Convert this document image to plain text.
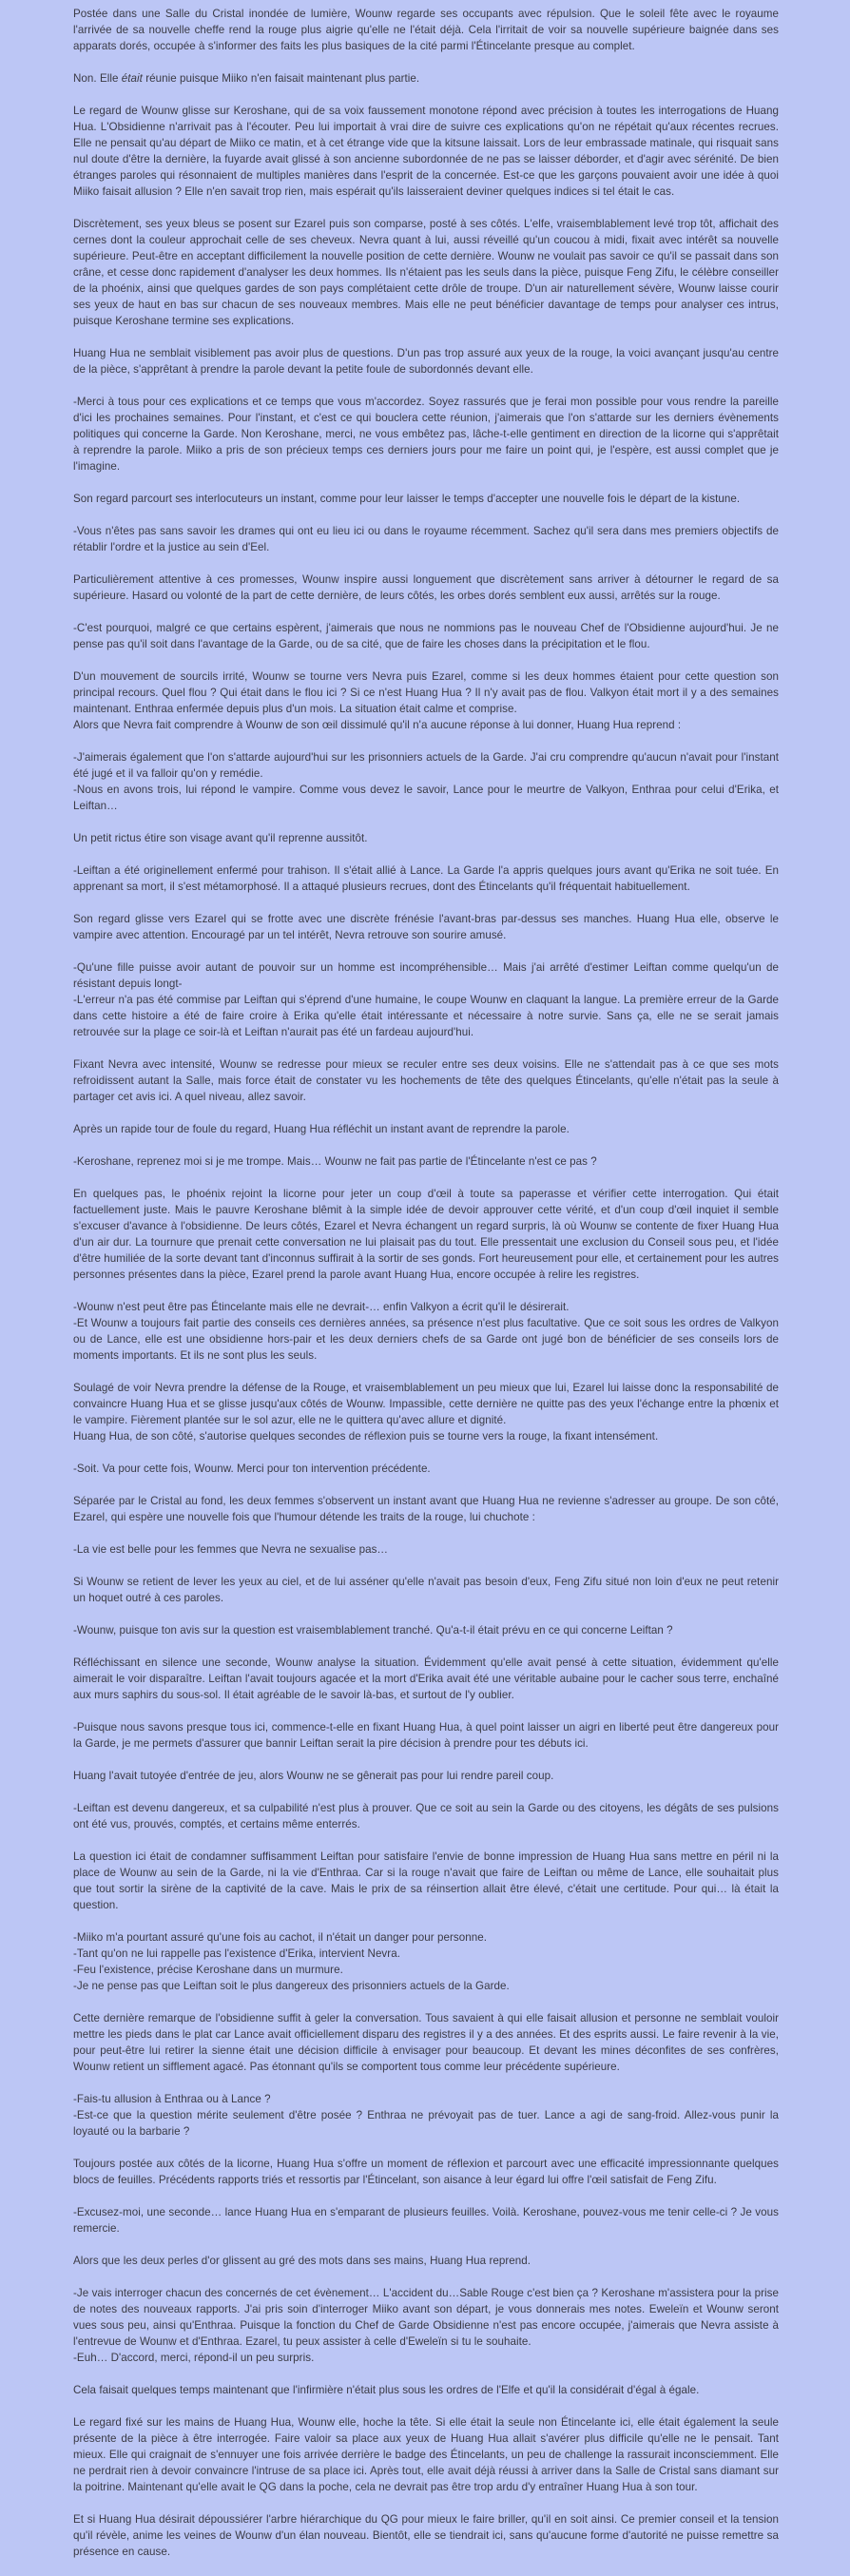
Postée dans une Salle du Cristal inondée de lumière, Wounw regarde ses occupants avec répulsion. Que le soleil fête avec le royaume l'arrivée de sa nouvelle cheffe rend la rouge plus aigrie qu'elle ne l'était déjà. Cela l'irritait de voir sa nouvelle supérieure baignée dans ses apparats dorés, occupée à s'informer des faits les plus basiques de la cité parmi l'Étincelante presque au complet.

Non. Elle était réunie puisque Miiko n'en faisait maintenant plus partie.

Le regard de Wounw glisse sur Keroshane, qui de sa voix faussement monotone répond avec précision à toutes les interrogations de Huang Hua. L'Obsidienne n'arrivait pas à l'écouter. Peu lui importait à vrai dire de suivre ces explications qu'on ne répétait qu'aux récentes recrues. Elle ne pensait qu'au départ de Miiko ce matin, et à cet étrange vide que la kitsune laissait. Lors de leur embrassade matinale, qui risquait sans nul doute d'être la dernière, la fuyarde avait glissé à son ancienne subordonnée de ne pas se laisser déborder, et d'agir avec sérénité. De bien étranges paroles qui résonnaient de multiples manières dans l'esprit de la concernée. Est-ce que les garçons pouvaient avoir une idée à quoi Miiko faisait allusion ? Elle n'en savait trop rien, mais espérait qu'ils laisseraient deviner quelques indices si tel était le cas.

Discrètement, ses yeux bleus se posent sur Ezarel puis son comparse, posté à ses côtés. L'elfe, vraisemblablement levé trop tôt, affichait des cernes dont la couleur approchait celle de ses cheveux. Nevra quant à lui, aussi réveillé qu'un coucou à midi, fixait avec intérêt sa nouvelle supérieure. Peut-être en acceptant difficilement la nouvelle position de cette dernière. Wounw ne voulait pas savoir ce qu'il se passait dans son crâne, et cesse donc rapidement d'analyser les deux hommes. Ils n'étaient pas les seuls dans la pièce, puisque Feng Zifu, le célèbre conseiller de la phoénix, ainsi que quelques gardes de son pays complétaient cette drôle de troupe. D'un air naturellement sévère, Wounw laisse courir ses yeux de haut en bas sur chacun de ses nouveaux membres. Mais elle ne peut bénéficier davantage de temps pour analyser ces intrus, puisque Keroshane termine ses explications.

Huang Hua ne semblait visiblement pas avoir plus de questions. D'un pas trop assuré aux yeux de la rouge, la voici avançant jusqu'au centre de la pièce, s'apprêtant à prendre la parole devant la petite foule de subordonnés devant elle.

-Merci à tous pour ces explications et ce temps que vous m'accordez. Soyez rassurés que je ferai mon possible pour vous rendre la pareille d'ici les prochaines semaines. Pour l'instant, et c'est ce qui bouclera cette réunion, j'aimerais que l'on s'attarde sur les derniers évènements politiques qui concerne la Garde. Non Keroshane, merci, ne vous embêtez pas, lâche-t-elle gentiment en direction de la licorne qui s'apprêtait à reprendre la parole. Miiko a pris de son précieux temps ces derniers jours pour me faire un point qui, je l'espère, est aussi complet que je l'imagine.

Son regard parcourt ses interlocuteurs un instant, comme pour leur laisser le temps d'accepter une nouvelle fois le départ de la kistune.

-Vous n'êtes pas sans savoir les drames qui ont eu lieu ici ou dans le royaume récemment. Sachez qu'il sera dans mes premiers objectifs de rétablir l'ordre et la justice au sein d'Eel.

Particulièrement attentive à ces promesses, Wounw inspire aussi longuement que discrètement sans arriver à détourner le regard de sa supérieure. Hasard ou volonté de la part de cette dernière, de leurs côtés, les orbes dorés semblent eux aussi, arrêtés sur la rouge.

-C'est pourquoi, malgré ce que certains espèrent, j'aimerais que nous ne nommions pas le nouveau Chef de l'Obsidienne aujourd'hui. Je ne pense pas qu'il soit dans l'avantage de la Garde, ou de sa cité, que de faire les choses dans la précipitation et le flou.

D'un mouvement de sourcils irrité, Wounw se tourne vers Nevra puis Ezarel, comme si les deux hommes étaient pour cette question son principal recours. Quel flou ? Qui était dans le flou ici ? Si ce n'est Huang Hua ? Il n'y avait pas de flou. Valkyon était mort il y a des semaines maintenant. Enthraa enfermée depuis plus d'un mois. La situation était calme et comprise.
Alors que Nevra fait comprendre à Wounw de son œil dissimulé qu'il n'a aucune réponse à lui donner, Huang Hua reprend :

-J'aimerais également que l'on s'attarde aujourd'hui sur les prisonniers actuels de la Garde. J'ai cru comprendre qu'aucun n'avait pour l'instant été jugé et il va falloir qu'on y remédie.
-Nous en avons trois, lui répond le vampire. Comme vous devez le savoir, Lance pour le meurtre de Valkyon, Enthraa pour celui d'Erika, et Leiftan…

Un petit rictus étire son visage avant qu'il reprenne aussitôt.

-Leiftan a été originellement enfermé pour trahison. Il s'était allié à Lance. La Garde l'a appris quelques jours avant qu'Erika ne soit tuée. En apprenant sa mort, il s'est métamorphosé. Il a attaqué plusieurs recrues, dont des Étincelants qu'il fréquentait habituellement.

Son regard glisse vers Ezarel qui se frotte avec une discrète frénésie l'avant-bras par-dessus ses manches. Huang Hua elle, observe le vampire avec attention. Encouragé par un tel intérêt, Nevra retrouve son sourire amusé.

-Qu'une fille puisse avoir autant de pouvoir sur un homme est incompréhensible… Mais j'ai arrêté d'estimer Leiftan comme quelqu'un de résistant depuis longt-
-L'erreur n'a pas été commise par Leiftan qui s'éprend d'une humaine, le coupe Wounw en claquant la langue. La première erreur de la Garde dans cette histoire a été de faire croire à Erika qu'elle était intéressante et nécessaire à notre survie. Sans ça, elle ne se serait jamais retrouvée sur la plage ce soir-là et Leiftan n'aurait pas été un fardeau aujourd'hui.

Fixant Nevra avec intensité, Wounw se redresse pour mieux se reculer entre ses deux voisins. Elle ne s'attendait pas à ce que ses mots refroidissent autant la Salle, mais force était de constater vu les hochements de tête des quelques Étincelants, qu'elle n'était pas la seule à partager cet avis ici. A quel niveau, allez savoir.

Après un rapide tour de foule du regard, Huang Hua réfléchit un instant avant de reprendre la parole.

-Keroshane, reprenez moi si je me trompe. Mais… Wounw ne fait pas partie de l'Étincelante n'est ce pas ?

En quelques pas, le phoénix rejoint la licorne pour jeter un coup d'œil à toute sa paperasse et vérifier cette interrogation. Qui était factuellement juste. Mais le pauvre Keroshane blêmit à la simple idée de devoir approuver cette vérité, et d'un coup d'œil inquiet il semble s'excuser d'avance à l'obsidienne. De leurs côtés, Ezarel et Nevra échangent un regard surpris, là où Wounw se contente de fixer Huang Hua d'un air dur. La tournure que prenait cette conversation ne lui plaisait pas du tout. Elle pressentait une exclusion du Conseil sous peu, et l'idée d'être humiliée de la sorte devant tant d'inconnus suffirait à la sortir de ses gonds. Fort heureusement pour elle, et certainement pour les autres personnes présentes dans la pièce, Ezarel prend la parole avant Huang Hua, encore occupée à relire les registres.

-Wounw n'est peut être pas Étincelante mais elle ne devrait-… enfin Valkyon a écrit qu'il le désirerait.
-Et Wounw a toujours fait partie des conseils ces dernières années, sa présence n'est plus facultative. Que ce soit sous les ordres de Valkyon ou de Lance, elle est une obsidienne hors-pair et les deux derniers chefs de sa Garde ont jugé bon de bénéficier de ses conseils lors de moments importants. Et ils ne sont plus les seuls.

Soulagé de voir Nevra prendre la défense de la Rouge, et vraisemblablement un peu mieux que lui, Ezarel lui laisse donc la responsabilité de convaincre Huang Hua et se glisse jusqu'aux côtés de Wounw. Impassible, cette dernière ne quitte pas des yeux l'échange entre la phœnix et le vampire. Fièrement plantée sur le sol azur, elle ne le quittera qu'avec allure et dignité.
Huang Hua, de son côté, s'autorise quelques secondes de réflexion puis se tourne vers la rouge, la fixant intensément.

-Soit. Va pour cette fois, Wounw. Merci pour ton intervention précédente.

Séparée par le Cristal au fond, les deux femmes s'observent un instant avant que Huang Hua ne revienne s'adresser au groupe. De son côté, Ezarel, qui espère une nouvelle fois que l'humour détende les traits de la rouge, lui chuchote :

-La vie est belle pour les femmes que Nevra ne sexualise pas…

Si Wounw se retient de lever les yeux au ciel, et de lui asséner qu'elle n'avait pas besoin d'eux, Feng Zifu situé non loin d'eux ne peut retenir un hoquet outré à ces paroles.

-Wounw, puisque ton avis sur la question est vraisemblablement tranché. Qu'a-t-il était prévu en ce qui concerne Leiftan ?

Réfléchissant en silence une seconde, Wounw analyse la situation. Évidemment qu'elle avait pensé à cette situation, évidemment qu'elle aimerait le voir disparaître. Leiftan l'avait toujours agacée et la mort d'Erika avait été une véritable aubaine pour le cacher sous terre, enchaîné aux murs saphirs du sous-sol. Il était agréable de le savoir là-bas, et surtout de l'y oublier.

-Puisque nous savons presque tous ici, commence-t-elle en fixant Huang Hua, à quel point laisser un aigri en liberté peut être dangereux pour la Garde, je me permets d'assurer que bannir Leiftan serait la pire décision à prendre pour tes débuts ici.

Huang l'avait tutoyée d'entrée de jeu, alors Wounw ne se gênerait pas pour lui rendre pareil coup.

-Leiftan est devenu dangereux, et sa culpabilité n'est plus à prouver. Que ce soit au sein la Garde ou des citoyens, les dégâts de ses pulsions ont été vus, prouvés, comptés, et certains même enterrés.

La question ici était de condamner suffisamment Leiftan pour satisfaire l'envie de bonne impression de Huang Hua sans mettre en péril ni la place de Wounw au sein de la Garde, ni la vie d'Enthraa. Car si la rouge n'avait que faire de Leiftan ou même de Lance, elle souhaitait plus que tout sortir la sirène de la captivité de la cave. Mais le prix de sa réinsertion allait être élevé, c'était une certitude. Pour qui… là était la question.

-Miiko m'a pourtant assuré qu'une fois au cachot, il n'était un danger pour personne.
-Tant qu'on ne lui rappelle pas l'existence d'Erika, intervient Nevra.
-Feu l'existence, précise Keroshane dans un murmure.
-Je ne pense pas que Leiftan soit le plus dangereux des prisonniers actuels de la Garde.

Cette dernière remarque de l'obsidienne suffit à geler la conversation. Tous savaient à qui elle faisait allusion et personne ne semblait vouloir mettre les pieds dans le plat car Lance avait officiellement disparu des registres il y a des années. Et des esprits aussi. Le faire revenir à la vie, pour peut-être lui retirer la sienne était une décision difficile à envisager pour beaucoup. Et devant les mines déconfites de ses confrères, Wounw retient un sifflement agacé. Pas étonnant qu'ils se comportent tous comme leur précédente supérieure.

-Fais-tu allusion à Enthraa ou à Lance ?
-Est-ce que la question mérite seulement d'être posée ? Enthraa ne prévoyait pas de tuer. Lance a agi de sang-froid. Allez-vous punir la loyauté ou la barbarie ?

Toujours postée aux côtés de la licorne, Huang Hua s'offre un moment de réflexion et parcourt avec une efficacité impressionnante quelques blocs de feuilles. Précédents rapports triés et ressortis par l'Étincelant, son aisance à leur égard lui offre l'œil satisfait de Feng Zifu.

-Excusez-moi, une seconde… lance Huang Hua en s'emparant de plusieurs feuilles. Voilà. Keroshane, pouvez-vous me tenir celle-ci ? Je vous remercie.

Alors que les deux perles d'or glissent au gré des mots dans ses mains, Huang Hua reprend.

-Je vais interroger chacun des concernés de cet évènement… L'accident du…Sable Rouge c'est bien ça ? Keroshane m'assistera pour la prise de notes des nouveaux rapports. J'ai pris soin d'interroger Miiko avant son départ, je vous donnerais mes notes. Eweleïn et Wounw seront vues sous peu, ainsi qu'Enthraa. Puisque la fonction du Chef de Garde Obsidienne n'est pas encore occupée, j'aimerais que Nevra assiste à l'entrevue de Wounw et d'Enthraa. Ezarel, tu peux assister à celle d'Eweleïn si tu le souhaite.
-Euh… D'accord, merci, répond-il un peu surpris.

Cela faisait quelques temps maintenant que l'infirmière n'était plus sous les ordres de l'Elfe et qu'il la considérait d'égal à égale.

Le regard fixé sur les mains de Huang Hua, Wounw elle, hoche la tête. Si elle était la seule non Étincelante ici, elle était également la seule présente de la pièce à être interrogée. Faire valoir sa place aux yeux de Huang Hua allait s'avérer plus difficile qu'elle ne le pensait. Tant mieux. Elle qui craignait de s'ennuyer une fois arrivée derrière le badge des Étincelants, un peu de challenge la rassurait inconsciemment. Elle ne perdrait rien à devoir convaincre l'intruse de sa place ici. Après tout, elle avait déjà réussi à arriver dans la Salle de Cristal sans diamant sur la poitrine. Maintenant qu'elle avait le QG dans la poche, cela ne devrait pas être trop ardu d'y entraîner Huang Hua à son tour.

Et si Huang Hua désirait dépoussiérer l'arbre hiérarchique du QG pour mieux le faire briller, qu'il en soit ainsi. Ce premier conseil et la tension qu'il révèle, anime les veines de Wounw d'un élan nouveau. Bientôt, elle se tiendrait ici, sans qu'aucune forme d'autorité ne puisse remettre sa présence en cause.
